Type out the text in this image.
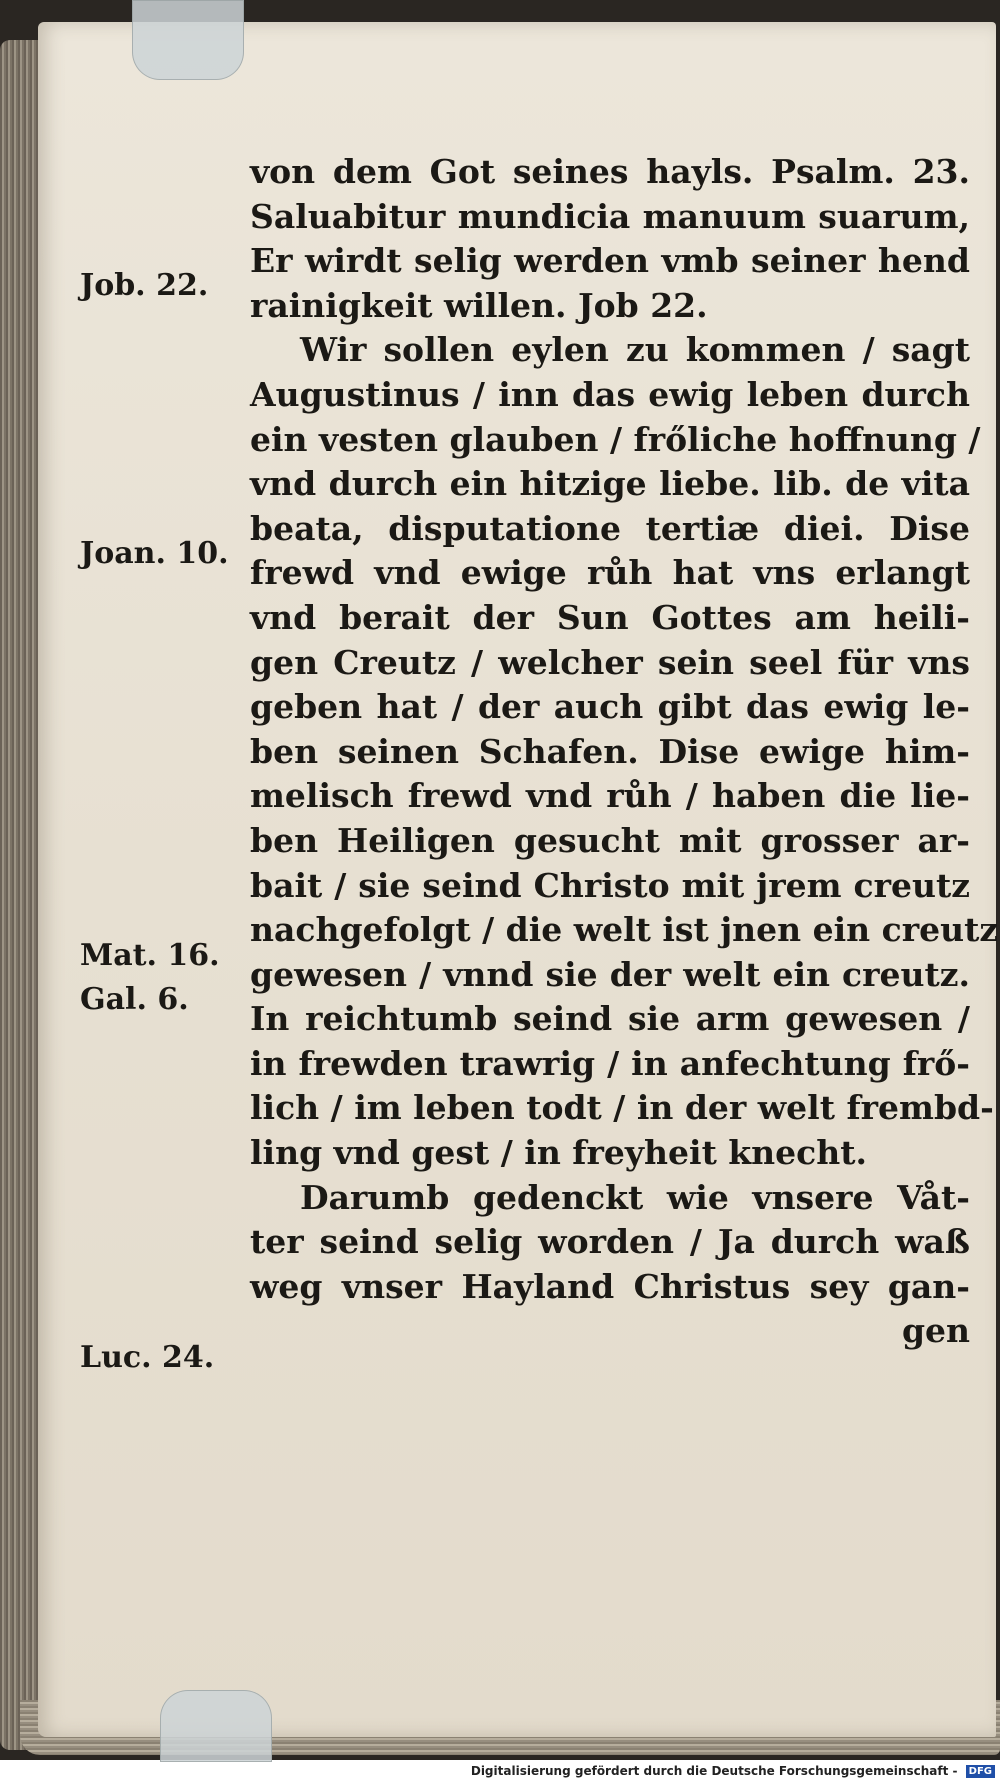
von dem Got seines hayls. Psalm. 23.
Saluabitur mundicia manuum suarum,
Er wirdt selig werden vmb seiner hend
rainigkeit willen. Job 22.
Wir sollen eylen zu kommen / sagt
Augustinus / inn das ewig leben durch
ein vesten glauben / frőliche hoffnung /
vnd durch ein hitzige liebe. lib. de vita
beata, disputatione tertiæ diei. Dise
frewd vnd ewige růh hat vns erlangt
vnd berait der Sun Gottes am heili-
gen Creutz / welcher sein seel für vns
geben hat / der auch gibt das ewig le-
ben seinen Schafen. Dise ewige him-
melisch frewd vnd růh / haben die lie-
ben Heiligen gesucht mit grosser ar-
bait / sie seind Christo mit jrem creutz
nachgefolgt / die welt ist jnen ein creutz
gewesen / vnnd sie der welt ein creutz.
In reichtumb seind sie arm gewesen /
in frewden trawrig / in anfechtung frő-
lich / im leben todt / in der welt frembd-
ling vnd gest / in freyheit knecht.
Darumb gedenckt wie vnsere Våt-
ter seind selig worden / Ja durch waß
weg vnser Hayland Christus sey gan-
gen
Job. 22.
Joan. 10.
Mat. 16.
Gal. 6.
Luc. 24.
Digitalisierung gefördert durch die Deutsche Forschungsgemeinschaft - DFG
